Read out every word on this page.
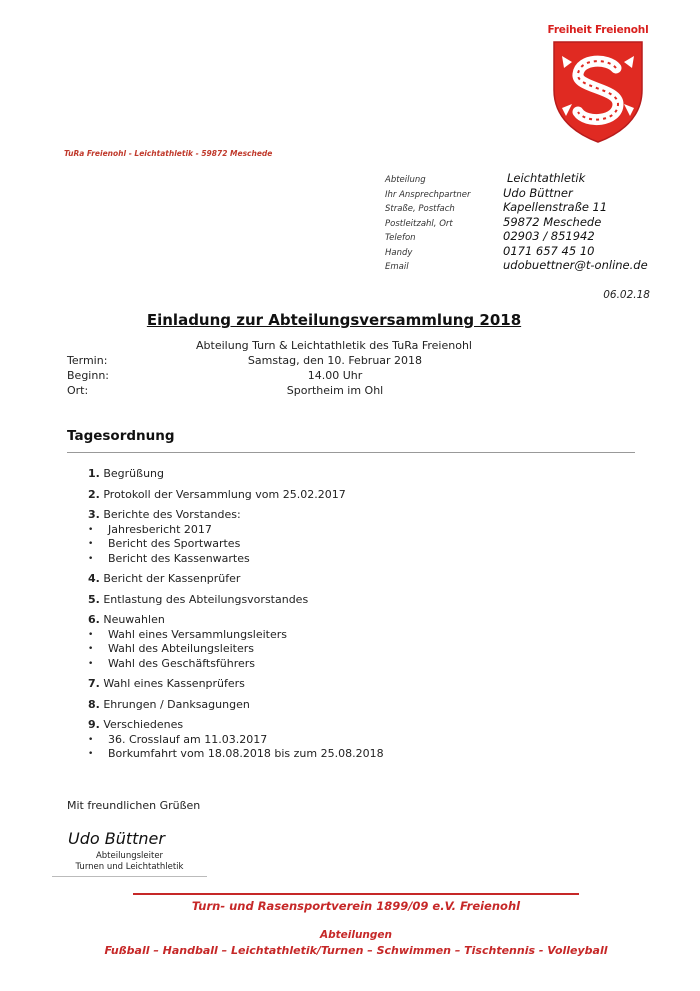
Freiheit Freienohl
TuRa Freienohl - Leichtathletik - 59872 Meschede
Abteilung	Leichtathletik
Ihr Ansprechpartner	Udo Büttner
Straße, Postfach	Kapellenstraße 11
Postleitzahl, Ort	59872 Meschede
Telefon	02903 / 851942
Handy	0171 657 45 10
Email	udobuettner@t-online.de
06.02.18
Einladung zur Abteilungsversammlung 2018
Abteilung Turn & Leichtathletik des TuRa Freienohl
Termin:	Samstag, den 10. Februar 2018
Beginn:	14.00 Uhr
Ort:	Sportheim im Ohl
Tagesordnung
1. Begrüßung
2. Protokoll der Versammlung vom 25.02.2017
3. Berichte des Vorstandes:
• Jahresbericht 2017
• Bericht des Sportwartes
• Bericht des Kassenwartes
4. Bericht der Kassenprüfer
5. Entlastung des Abteilungsvorstandes
6. Neuwahlen
• Wahl eines Versammlungsleiters
• Wahl des Abteilungsleiters
• Wahl des Geschäftsführers
7. Wahl eines Kassenprüfers
8. Ehrungen / Danksagungen
9. Verschiedenes
• 36. Crosslauf am 11.03.2017
• Borkumfahrt vom 18.08.2018 bis zum 25.08.2018
Mit freundlichen Grüßen
Udo Büttner
Abteilungsleiter
Turnen und Leichtathletik
Turn- und Rasensportverein 1899/09 e.V. Freienohl
Abteilungen
Fußball – Handball – Leichtathletik/Turnen – Schwimmen – Tischtennis - Volleyball
